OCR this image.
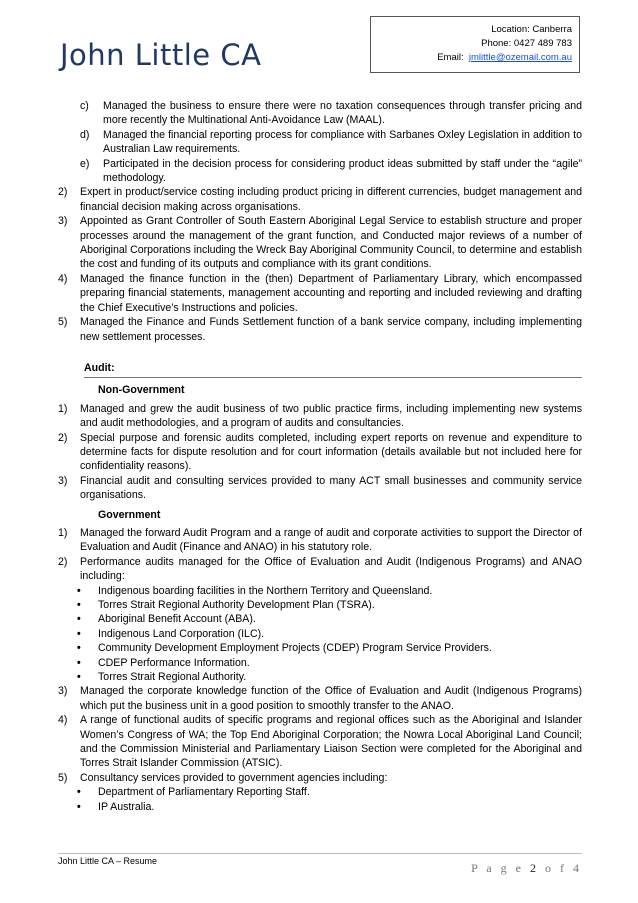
John Little CA
Location: Canberra
Phone: 0427 489 783
Email: jmlittle@ozemail.com.au
c) Managed the business to ensure there were no taxation consequences through transfer pricing and more recently the Multinational Anti-Avoidance Law (MAAL).
d) Managed the financial reporting process for compliance with Sarbanes Oxley Legislation in addition to Australian Law requirements.
e) Participated in the decision process for considering product ideas submitted by staff under the “agile” methodology.
2) Expert in product/service costing including product pricing in different currencies, budget management and financial decision making across organisations.
3) Appointed as Grant Controller of South Eastern Aboriginal Legal Service to establish structure and proper processes around the management of the grant function, and Conducted major reviews of a number of Aboriginal Corporations including the Wreck Bay Aboriginal Community Council, to determine and establish the cost and funding of its outputs and compliance with its grant conditions.
4) Managed the finance function in the (then) Department of Parliamentary Library, which encompassed preparing financial statements, management accounting and reporting and included reviewing and drafting the Chief Executive’s Instructions and policies.
5) Managed the Finance and Funds Settlement function of a bank service company, including implementing new settlement processes.
Audit:
Non-Government
1) Managed and grew the audit business of two public practice firms, including implementing new systems and audit methodologies, and a program of audits and consultancies.
2) Special purpose and forensic audits completed, including expert reports on revenue and expenditure to determine facts for dispute resolution and for court information (details available but not included here for confidentiality reasons).
3) Financial audit and consulting services provided to many ACT small businesses and community service organisations.
Government
1) Managed the forward Audit Program and a range of audit and corporate activities to support the Director of Evaluation and Audit (Finance and ANAO) in his statutory role.
2) Performance audits managed for the Office of Evaluation and Audit (Indigenous Programs) and ANAO including:
• Indigenous boarding facilities in the Northern Territory and Queensland.
• Torres Strait Regional Authority Development Plan (TSRA).
• Aboriginal Benefit Account (ABA).
• Indigenous Land Corporation (ILC).
• Community Development Employment Projects (CDEP) Program Service Providers.
• CDEP Performance Information.
• Torres Strait Regional Authority.
3) Managed the corporate knowledge function of the Office of Evaluation and Audit (Indigenous Programs) which put the business unit in a good position to smoothly transfer to the ANAO.
4) A range of functional audits of specific programs and regional offices such as the Aboriginal and Islander Women’s Congress of WA; the Top End Aboriginal Corporation; the Nowra Local Aboriginal Land Council; and the Commission Ministerial and Parliamentary Liaison Section were completed for the Aboriginal and Torres Strait Islander Commission (ATSIC).
5) Consultancy services provided to government agencies including:
• Department of Parliamentary Reporting Staff.
• IP Australia.
John Little CA – Resume	P a g e 2 o f 4
